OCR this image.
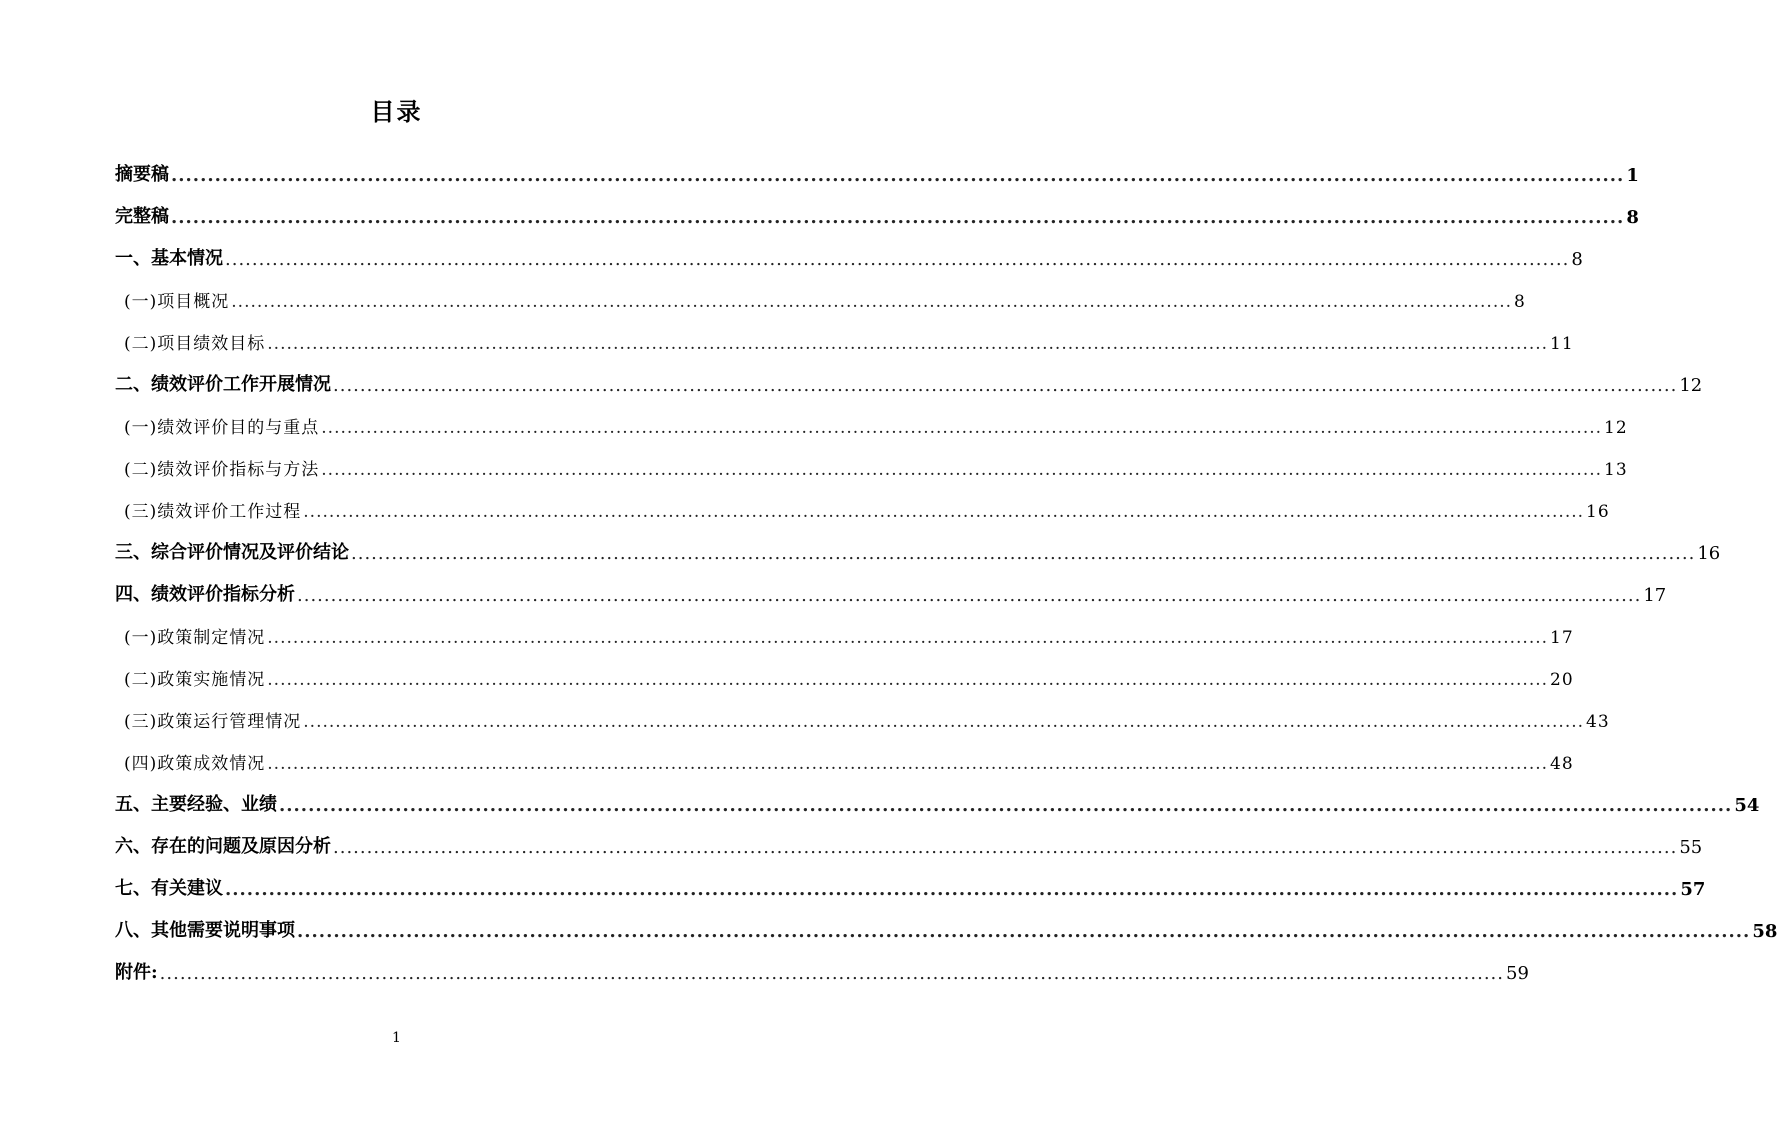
目录
摘要稿 ........................................................................................................................................................................................................ 1
完整稿 ........................................................................................................................................................................................................ 8
一、基本情况 ........................................................................................................................................................................................................ 8
(一)项目概况 ........................................................................................................................................................................................................ 8
(二)项目绩效目标 ........................................................................................................................................................................................................ 11
二、绩效评价工作开展情况 ........................................................................................................................................................................................................ 12
(一)绩效评价目的与重点 ........................................................................................................................................................................................................ 12
(二)绩效评价指标与方法 ........................................................................................................................................................................................................ 13
(三)绩效评价工作过程 ........................................................................................................................................................................................................ 16
三、综合评价情况及评价结论 ........................................................................................................................................................................................................ 16
四、绩效评价指标分析 ........................................................................................................................................................................................................ 17
(一)政策制定情况 ........................................................................................................................................................................................................ 17
(二)政策实施情况 ........................................................................................................................................................................................................ 20
(三)政策运行管理情况 ........................................................................................................................................................................................................ 43
(四)政策成效情况 ........................................................................................................................................................................................................ 48
五、主要经验、业绩 ........................................................................................................................................................................................................ 54
六、存在的问题及原因分析 ........................................................................................................................................................................................................ 55
七、有关建议 ........................................................................................................................................................................................................ 57
八、其他需要说明事项 ........................................................................................................................................................................................................ 58
附件: ........................................................................................................................................................................................................ 59
1
